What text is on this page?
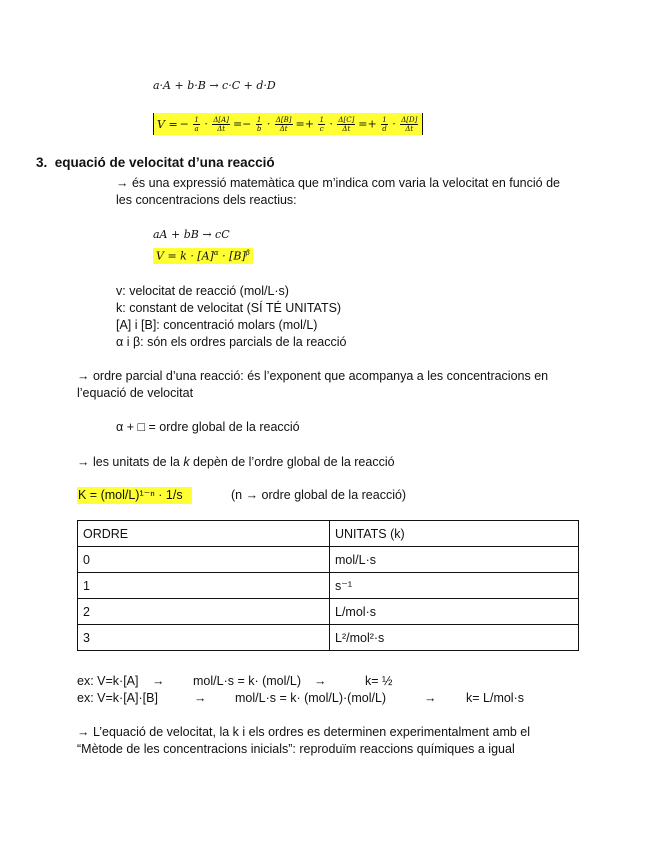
a·A + b·B → c·C + d·D
V = − $\frac{1}{a} \cdot \frac{\Delta[A]}{\Delta t} =- \frac{1}{b} \cdot \frac{\Delta[B]}{\Delta t} =+ \frac{1}{c} \cdot \frac{\Delta[C]}{\Delta t} =+ \frac{1}{d} \cdot \frac{\Delta[D]}{\Delta t}$
3. equació de velocitat d’una reacció
→ és una expressió matemàtica que m’indica com varia la velocitat en funció de
les concentracions dels reactius:
aA + bB → cC
$V = k \cdot [A]^\alpha \cdot [B]^\beta$
v: velocitat de reacció (mol/L·s)
k: constant de velocitat (SÍ TÉ UNITATS)
[A] i [B]: concentració molars (mol/L)
α i β: són els ordres parcials de la reacció
→ ordre parcial d’una reacció: és l’exponent que acompanya a les concentracions en
l’equació de velocitat
α + □ = ordre global de la reacció
→ les unitats de la k depèn de l’ordre global de la reacció
K = (mol/L)¹⁻ⁿ · 1/s	(n → ordre global de la reacció)
ORDRE	UNITATS (k)
0	mol/L·s
1	s⁻¹
2	L/mol·s
3	L²/mol²·s
ex: V=k·[A] → mol/L·s = k· (mol/L) →	k= ½
ex: V=k·[A]·[B]	→ mol/L·s = k· (mol/L)·(mol/L)	→ k= L/mol·s
→ L’equació de velocitat, la k i els ordres es determinen experimentalment amb el
“Mètode de les concentracions inicials”: reproduïm reaccions químiques a igual
